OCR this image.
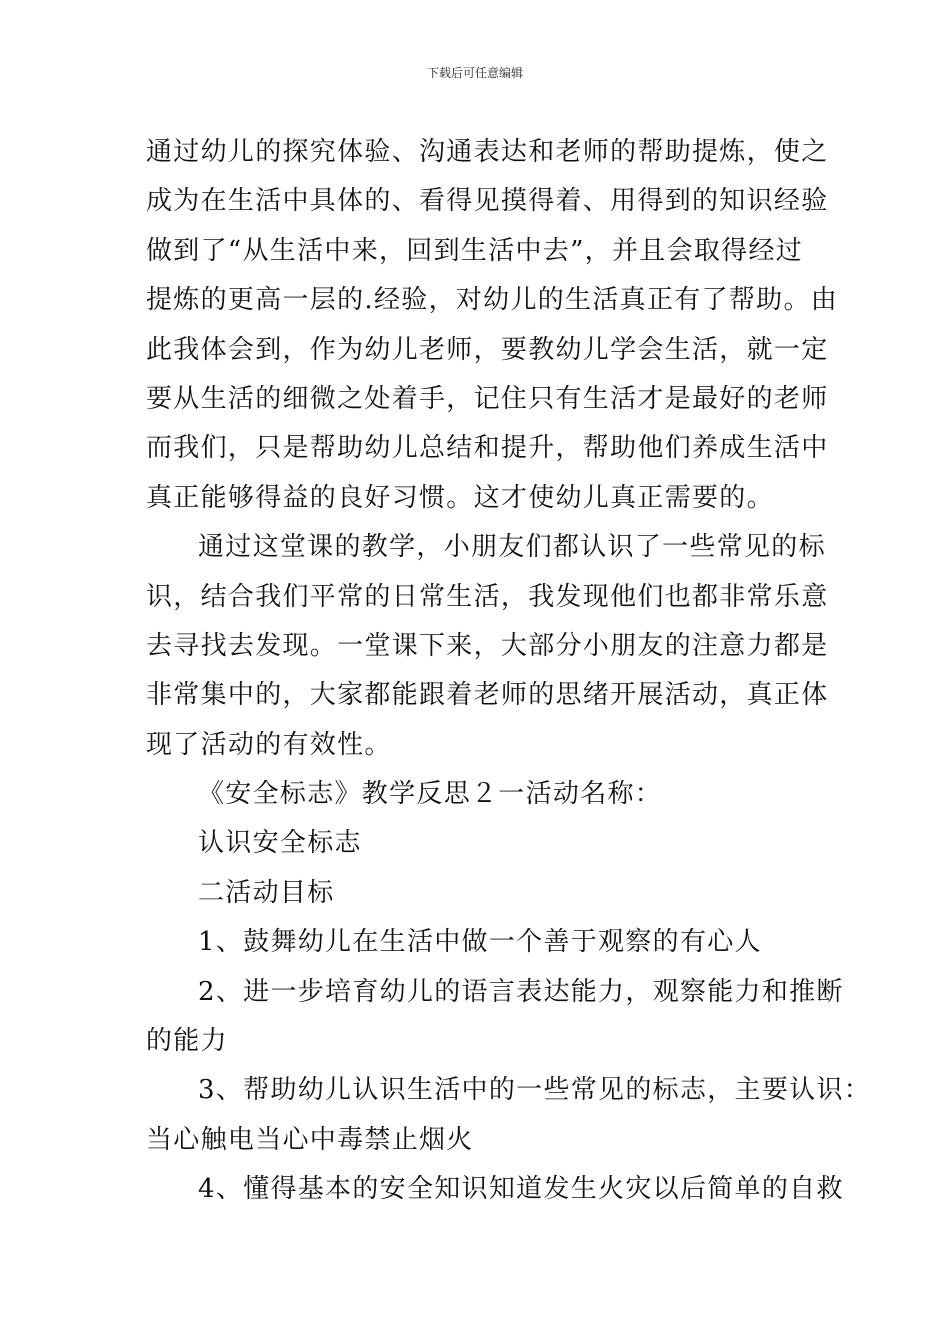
下载后可任意编辑
通过幼儿的探究体验、沟通表达和老师的帮助提炼，使之
成为在生活中具体的、看得见摸得着、用得到的知识经验
做到了“从生活中来，回到生活中去”，并且会取得经过
提炼的更高一层的.经验，对幼儿的生活真正有了帮助。由
此我体会到，作为幼儿老师，要教幼儿学会生活，就一定
要从生活的细微之处着手，记住只有生活才是最好的老师
而我们，只是帮助幼儿总结和提升，帮助他们养成生活中
真正能够得益的良好习惯。这才使幼儿真正需要的。
通过这堂课的教学，小朋友们都认识了一些常见的标
识，结合我们平常的日常生活，我发现他们也都非常乐意
去寻找去发现。一堂课下来，大部分小朋友的注意力都是
非常集中的，大家都能跟着老师的思绪开展活动，真正体
现了活动的有效性。
《安全标志》教学反思２一活动名称：
认识安全标志
二活动目标
1、鼓舞幼儿在生活中做一个善于观察的有心人
2、进一步培育幼儿的语言表达能力，观察能力和推断
的能力
3、帮助幼儿认识生活中的一些常见的标志，主要认识：
当心触电当心中毒禁止烟火
4、懂得基本的安全知识知道发生火灾以后简单的自救
